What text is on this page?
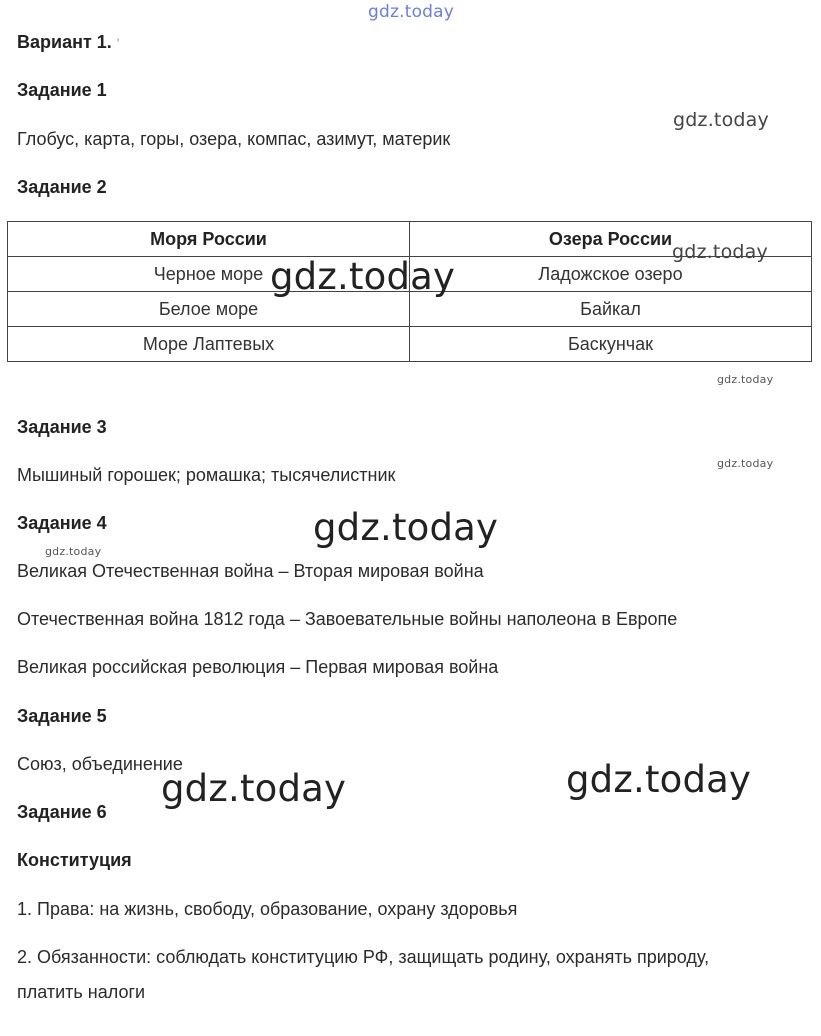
gdz.today
gdz.today
gdz.today
gdz.today
gdz.today
gdz.today
Вариант 1. '
Задание 1
Глобус, карта, горы, озера, компас, азимут, материк
Задание 2
Моря России	Озера России
Черное море	Ладожское озеро
Белое море	Байкал
Море Лаптевых	Баскунчак
Задание 3
Мышиный горошек; ромашка; тысячелистник
Задание 4
Великая Отечественная война – Вторая мировая война
Отечественная война 1812 года – Завоевательные войны наполеона в Европе
Великая российская революция – Первая мировая война
Задание 5
Союз, объединение
Задание 6
Конституция
1. Права: на жизнь, свободу, образование, охрану здоровья
2. Обязанности: соблюдать конституцию РФ, защищать родину, охранять природу,
платить налоги
gdz.today
gdz.today
gdz.today	gdz.today
